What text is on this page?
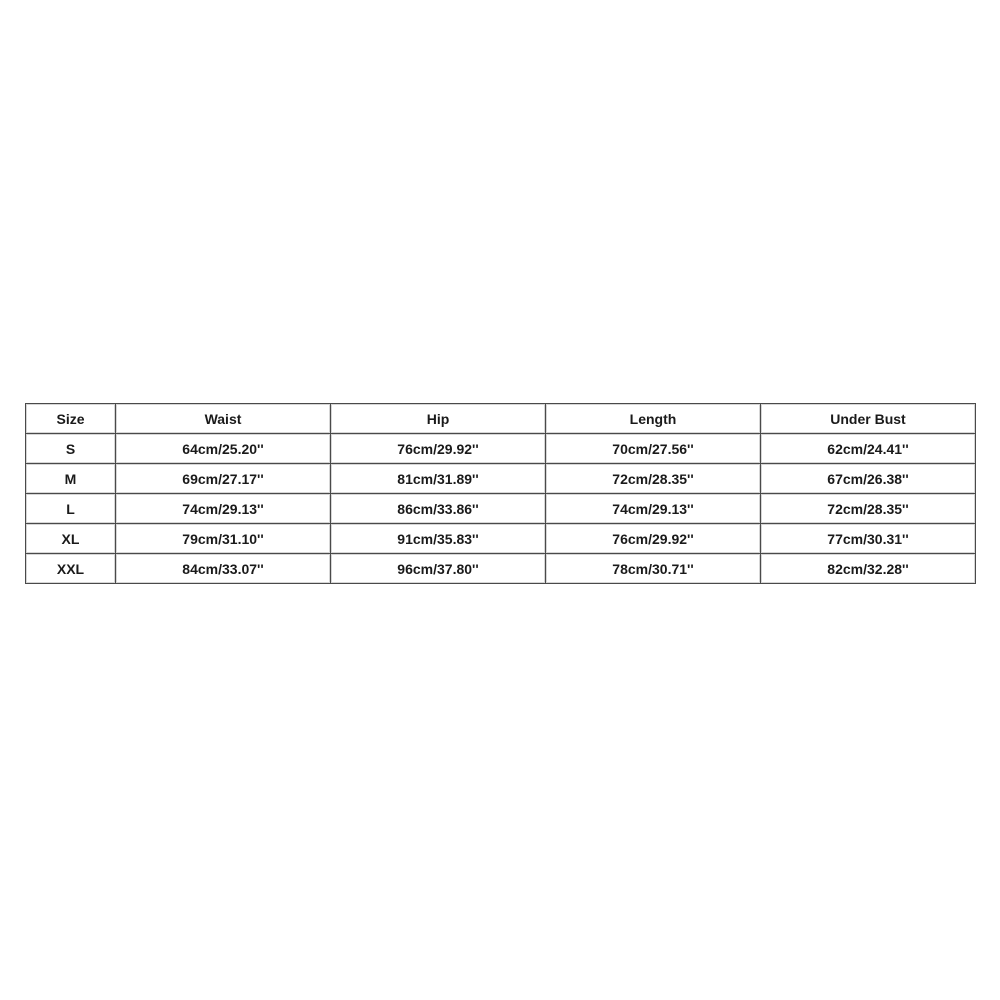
Size	Waist	Hip	Length	Under Bust
S	64cm/25.20''	76cm/29.92''	70cm/27.56''	62cm/24.41''
M	69cm/27.17''	81cm/31.89''	72cm/28.35''	67cm/26.38''
L	74cm/29.13''	86cm/33.86''	74cm/29.13''	72cm/28.35''
XL	79cm/31.10''	91cm/35.83''	76cm/29.92''	77cm/30.31''
XXL	84cm/33.07''	96cm/37.80''	78cm/30.71''	82cm/32.28''
